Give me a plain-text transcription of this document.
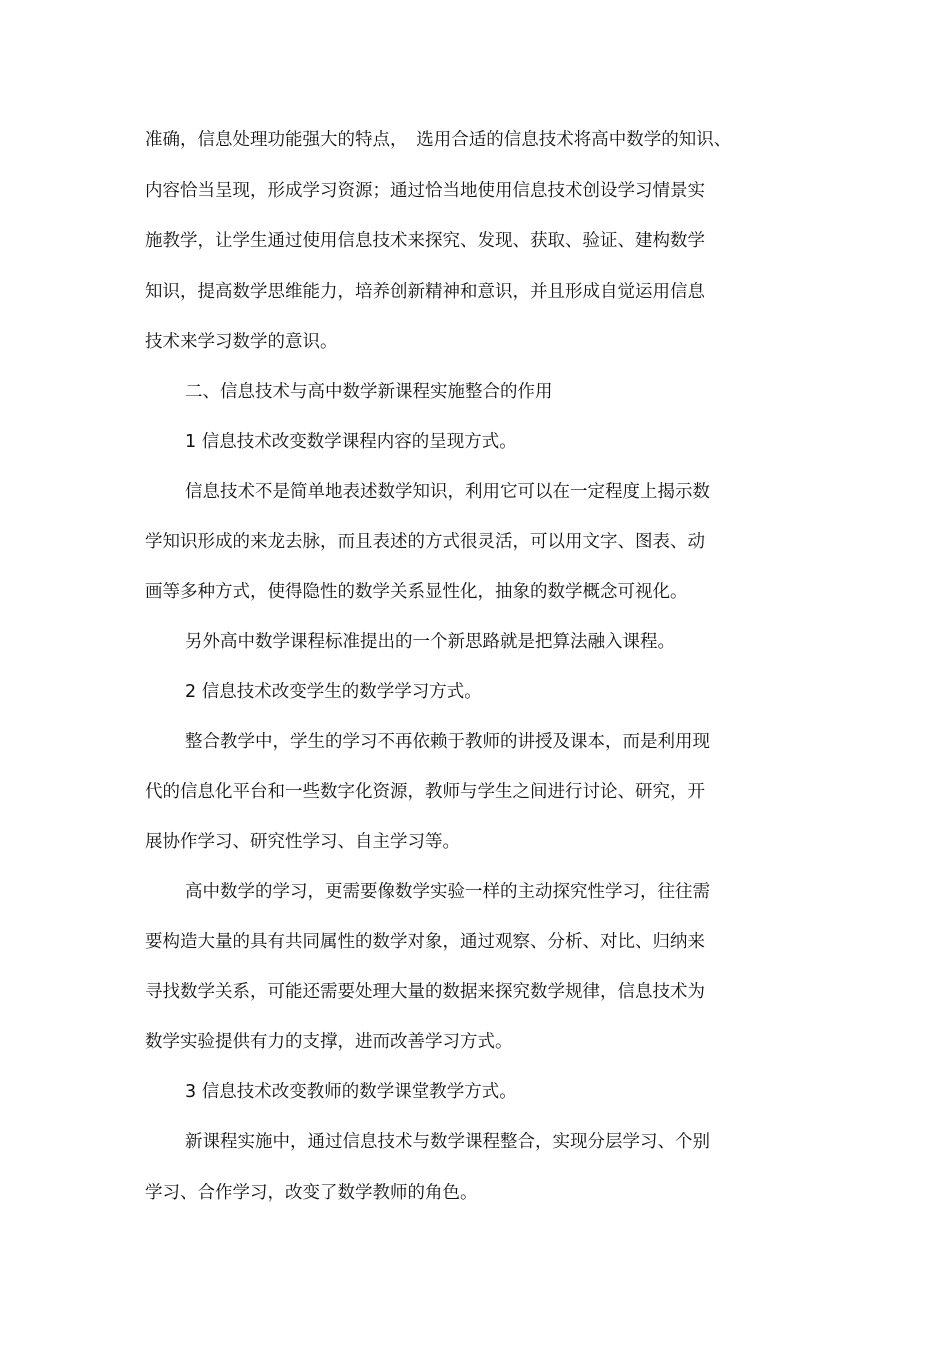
准确，信息处理功能强大的特点，　选用合适的信息技术将高中数学的知识、
内容恰当呈现，形成学习资源；通过恰当地使用信息技术创设学习情景实
施教学，让学生通过使用信息技术来探究、发现、获取、验证、建构数学
知识，提高数学思维能力，培养创新精神和意识，并且形成自觉运用信息
技术来学习数学的意识。
二、信息技术与高中数学新课程实施整合的作用
1 信息技术改变数学课程内容的呈现方式。
信息技术不是简单地表述数学知识，利用它可以在一定程度上揭示数
学知识形成的来龙去脉，而且表述的方式很灵活，可以用文字、图表、动
画等多种方式，使得隐性的数学关系显性化，抽象的数学概念可视化。
另外高中数学课程标准提出的一个新思路就是把算法融入课程。
2 信息技术改变学生的数学学习方式。
整合教学中，学生的学习不再依赖于教师的讲授及课本，而是利用现
代的信息化平台和一些数字化资源，教师与学生之间进行讨论、研究，开
展协作学习、研究性学习、自主学习等。
高中数学的学习，更需要像数学实验一样的主动探究性学习，往往需
要构造大量的具有共同属性的数学对象，通过观察、分析、对比、归纳来
寻找数学关系，可能还需要处理大量的数据来探究数学规律，信息技术为
数学实验提供有力的支撑，进而改善学习方式。
3 信息技术改变教师的数学课堂教学方式。
新课程实施中，通过信息技术与数学课程整合，实现分层学习、个别
学习、合作学习，改变了数学教师的角色。
